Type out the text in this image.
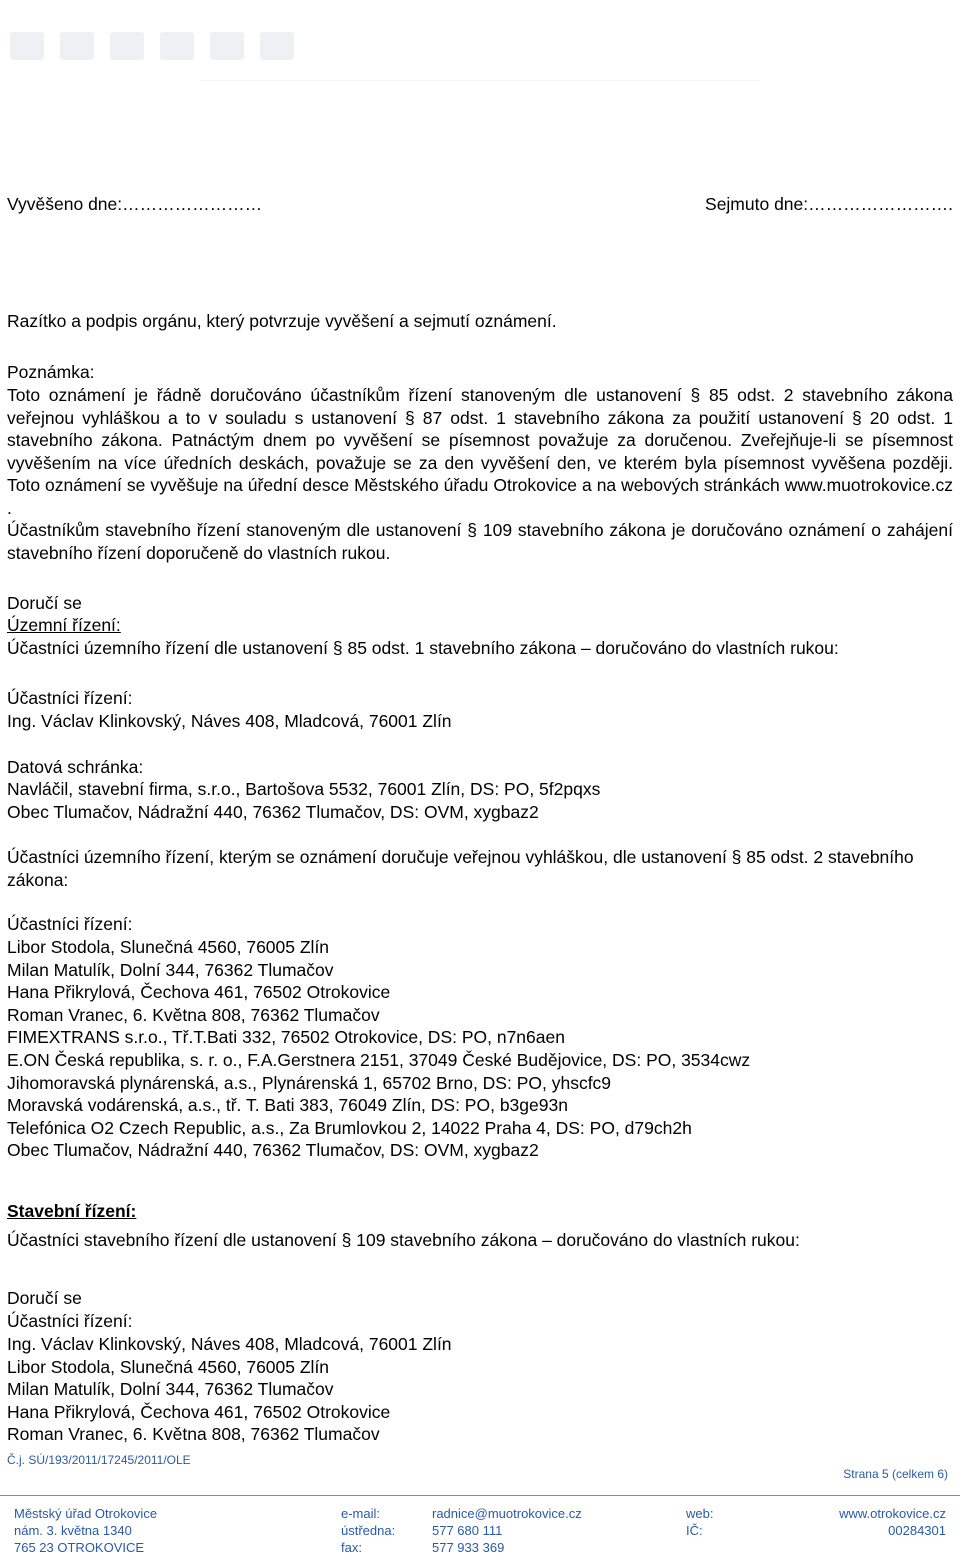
Vyvěšeno dne:……………………	Sejmuto dne:…………………….
Razítko a podpis orgánu, který potvrzuje vyvěšení a sejmutí oznámení.
Poznámka:
Toto oznámení je řádně doručováno účastníkům řízení stanoveným dle ustanovení § 85 odst. 2 stavebního zákona veřejnou vyhláškou a to v souladu s ustanovení § 87 odst. 1 stavebního zákona za použití ustanovení § 20 odst. 1 stavebního zákona. Patnáctým dnem po vyvěšení se písemnost považuje za doručenou. Zveřejňuje-li se písemnost vyvěšením na více úředních deskách, považuje se za den vyvěšení den, ve kterém byla písemnost vyvěšena později. Toto oznámení se vyvěšuje na úřední desce Městského úřadu Otrokovice a na webových stránkách www.muotrokovice.cz .
Účastníkům stavebního řízení stanoveným dle ustanovení § 109 stavebního zákona je doručováno oznámení o zahájení stavebního řízení doporučeně do vlastních rukou.
Doručí se
Územní řízení:
Účastníci územního řízení dle ustanovení § 85 odst. 1 stavebního zákona – doručováno do vlastních rukou:
Účastníci řízení:
Ing. Václav Klinkovský, Náves 408, Mladcová, 76001 Zlín
Datová schránka:
Navláčil, stavební firma, s.r.o., Bartošova 5532, 76001 Zlín, DS: PO, 5f2pqxs
Obec Tlumačov, Nádražní 440, 76362 Tlumačov, DS: OVM, xygbaz2
Účastníci územního řízení, kterým se oznámení doručuje veřejnou vyhláškou, dle ustanovení § 85 odst. 2 stavebního zákona:
Účastníci řízení:
Libor Stodola, Slunečná 4560, 76005 Zlín
Milan Matulík, Dolní 344, 76362 Tlumačov
Hana Přikrylová, Čechova 461, 76502 Otrokovice
Roman Vranec, 6. Května 808, 76362 Tlumačov
FIMEXTRANS s.r.o., Tř.T.Bati 332, 76502 Otrokovice, DS: PO, n7n6aen
E.ON Česká republika, s. r. o., F.A.Gerstnera 2151, 37049 České Budějovice, DS: PO, 3534cwz
Jihomoravská plynárenská, a.s., Plynárenská 1, 65702 Brno, DS: PO, yhscfc9
Moravská vodárenská, a.s., tř. T. Bati 383, 76049 Zlín, DS: PO, b3ge93n
Telefónica O2 Czech Republic, a.s., Za Brumlovkou 2, 14022 Praha 4, DS: PO, d79ch2h
Obec Tlumačov, Nádražní 440, 76362 Tlumačov, DS: OVM, xygbaz2
Stavební řízení:
Účastníci stavebního řízení dle ustanovení § 109 stavebního zákona – doručováno do vlastních rukou:
Doručí se
Účastníci řízení:
Ing. Václav Klinkovský, Náves 408, Mladcová, 76001 Zlín
Libor Stodola, Slunečná 4560, 76005 Zlín
Milan Matulík, Dolní 344, 76362 Tlumačov
Hana Přikrylová, Čechova 461, 76502 Otrokovice
Roman Vranec, 6. Května 808, 76362 Tlumačov
Č.j. SÚ/193/2011/17245/2011/OLE
Strana 5 (celkem 6)
Městský úřad Otrokovice
nám. 3. května 1340
765 23 OTROKOVICE
e-mail:
ústředna:
fax:
radnice@muotrokovice.cz
577 680 111
577 933 369
web:
IČ:
www.otrokovice.cz
00284301
